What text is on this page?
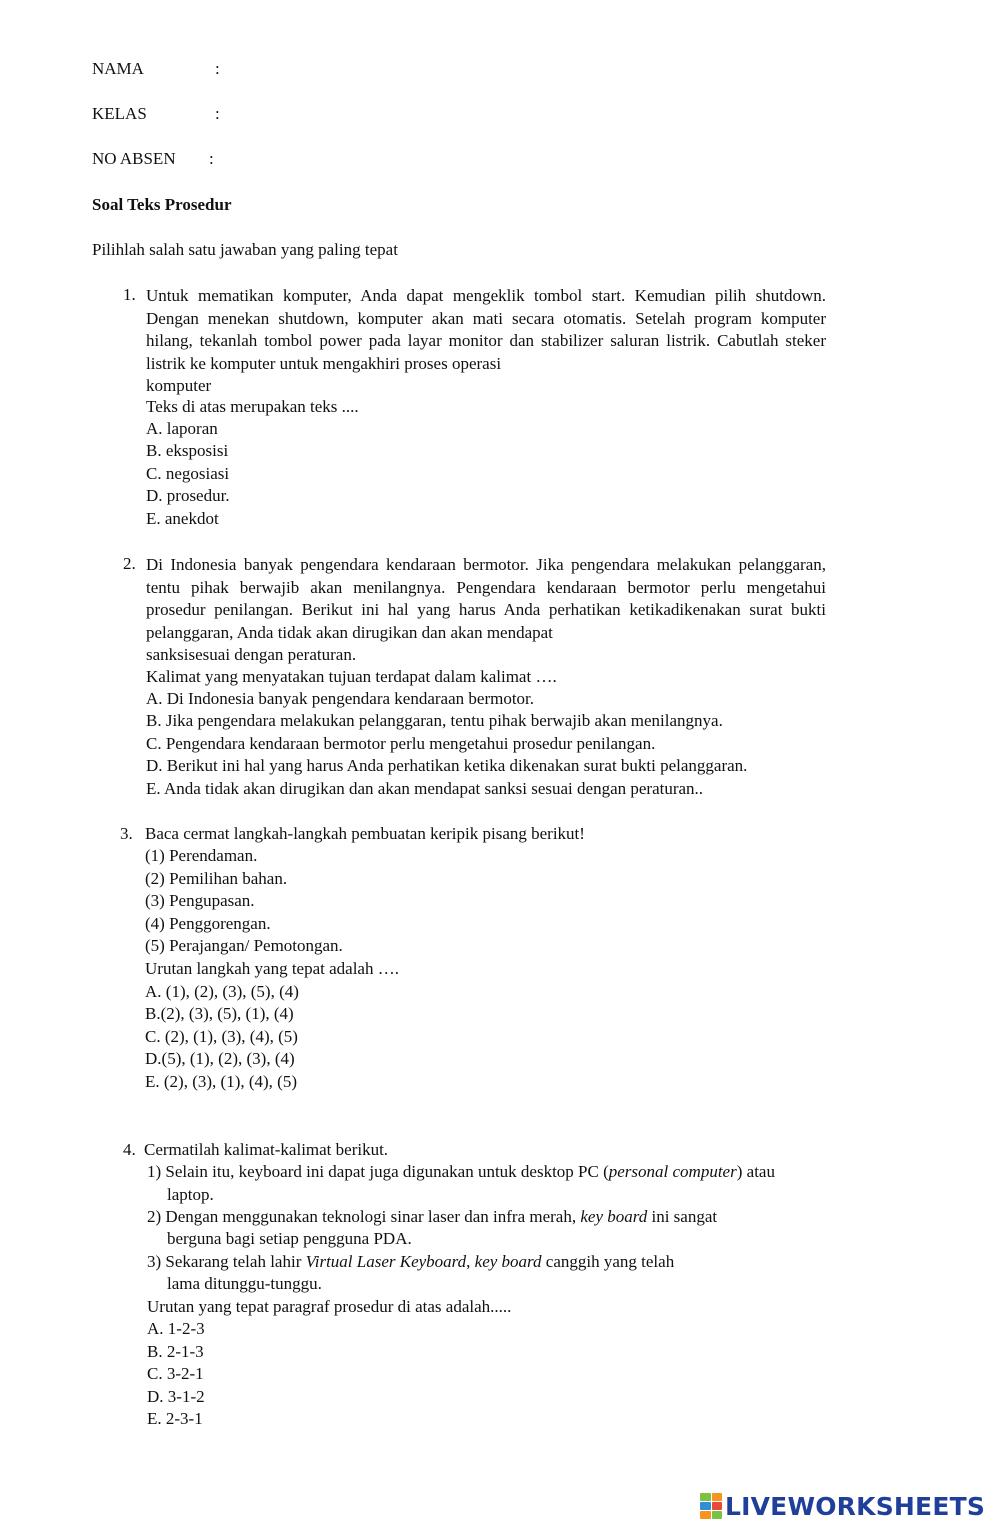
NAMA	:
KELAS	:
NO ABSEN :
Soal Teks Prosedur
Pilihlah salah satu jawaban yang paling tepat
1. Untuk mematikan komputer, Anda dapat mengeklik tombol start. Kemudian pilih shutdown. Dengan menekan shutdown, komputer akan mati secara otomatis. Setelah program komputer hilang, tekanlah tombol power pada layar monitor dan stabilizer saluran listrik. Cabutlah steker listrik ke komputer untuk mengakhiri proses operasi
komputer
Teks di atas merupakan teks ....
A. laporan
B. eksposisi
C. negosiasi
D. prosedur.
E. anekdot
2. Di Indonesia banyak pengendara kendaraan bermotor. Jika pengendara melakukan pelanggaran, tentu pihak berwajib akan menilangnya. Pengendara kendaraan bermotor perlu mengetahui prosedur penilangan. Berikut ini hal yang harus Anda perhatikan ketikadikenakan surat bukti pelanggaran, Anda tidak akan dirugikan dan akan mendapat
sanksisesuai dengan peraturan.
Kalimat yang menyatakan tujuan terdapat dalam kalimat ….
A. Di Indonesia banyak pengendara kendaraan bermotor.
B. Jika pengendara melakukan pelanggaran, tentu pihak berwajib akan menilangnya.
C. Pengendara kendaraan bermotor perlu mengetahui prosedur penilangan.
D. Berikut ini hal yang harus Anda perhatikan ketika dikenakan surat bukti pelanggaran.
E. Anda tidak akan dirugikan dan akan mendapat sanksi sesuai dengan peraturan..
3. Baca cermat langkah-langkah pembuatan keripik pisang berikut!
(1) Perendaman.
(2) Pemilihan bahan.
(3) Pengupasan.
(4) Penggorengan.
(5) Perajangan/ Pemotongan.
Urutan langkah yang tepat adalah ….
A. (1), (2), (3), (5), (4)
B.(2), (3), (5), (1), (4)
C. (2), (1), (3), (4), (5)
D.(5), (1), (2), (3), (4)
E. (2), (3), (1), (4), (5)
4. Cermatilah kalimat-kalimat berikut.
1) Selain itu, keyboard ini dapat juga digunakan untuk desktop PC (personal computer) atau
laptop.
2) Dengan menggunakan teknologi sinar laser dan infra merah, key board ini sangat
berguna bagi setiap pengguna PDA.
3) Sekarang telah lahir Virtual Laser Keyboard, key board canggih yang telah
lama ditunggu-tunggu.
Urutan yang tepat paragraf prosedur di atas adalah.....
A. 1-2-3
B. 2-1-3
C. 3-2-1
D. 3-1-2
E. 2-3-1
LIVEWORKSHEETS
